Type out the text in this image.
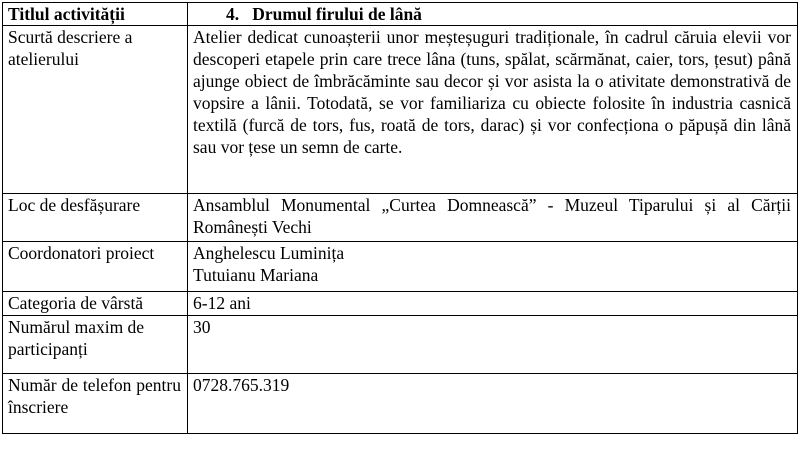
Titlul activității	4. Drumul firului de lână

Scurtă descriere a atelierului	Atelier dedicat cunoașterii unor meșteșuguri tradiționale, în cadrul căruia elevii vor descoperi etapele prin care trece lâna (tuns, spălat, scărmănat, caier, tors, țesut) până ajunge obiect de îmbrăcăminte sau decor și vor asista la o ativitate demonstrativă de vopsire a lânii. Totodată, se vor familiariza cu obiecte folosite în industria casnică textilă (furcă de tors, fus, roată de tors, darac) și vor confecționa o păpușă din lână sau vor țese un semn de carte.

Loc de desfășurare	Ansamblul Monumental „Curtea Domnească” - Muzeul Tiparului și al Cărții Românești Vechi

Coordonatori proiect	Anghelescu Luminița
Tutuianu Mariana

Categoria de vârstă	6-12 ani

Numărul maxim de participanți	30

Număr de telefon pentru înscriere	0728.765.319
